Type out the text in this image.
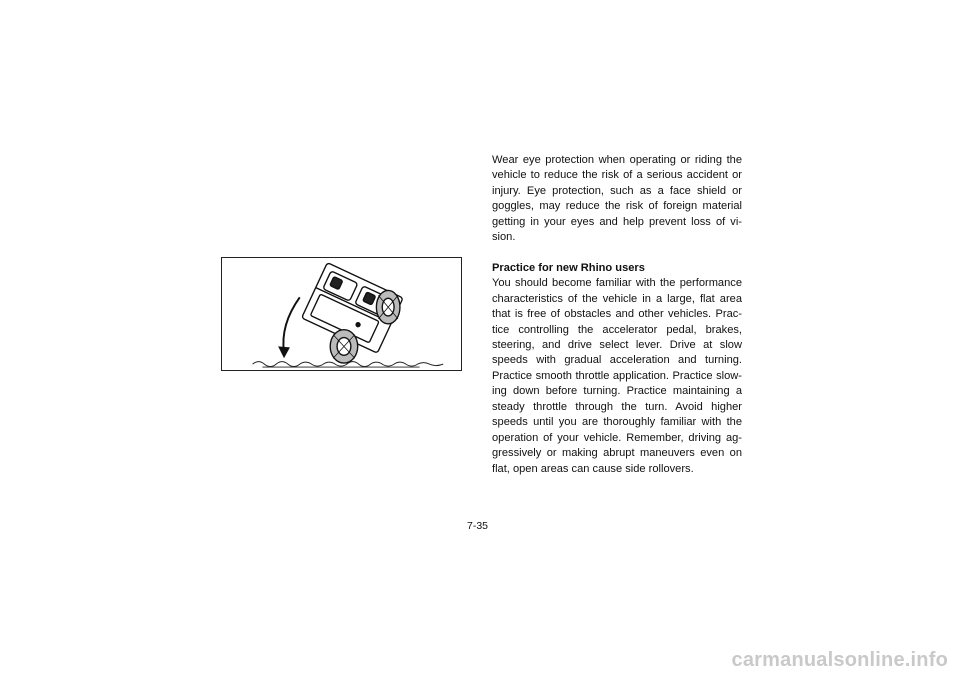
Wear eye protection when operating or riding the vehicle to reduce the risk of a serious accident or injury. Eye protection, such as a face shield or goggles, may reduce the risk of foreign material getting in your eyes and help prevent loss of vi-sion.

Practice for new Rhino users

You should become familiar with the performance characteristics of the vehicle in a large, flat area that is free of obstacles and other vehicles. Prac-tice controlling the accelerator pedal, brakes, steering, and drive select lever. Drive at slow speeds with gradual acceleration and turning. Practice smooth throttle application. Practice slow-ing down before turning. Practice maintaining a steady throttle through the turn. Avoid higher speeds until you are thoroughly familiar with the operation of your vehicle. Remember, driving ag-gressively or making abrupt maneuvers even on flat, open areas can cause side rollovers.

7-35
carmanualsonline.info
